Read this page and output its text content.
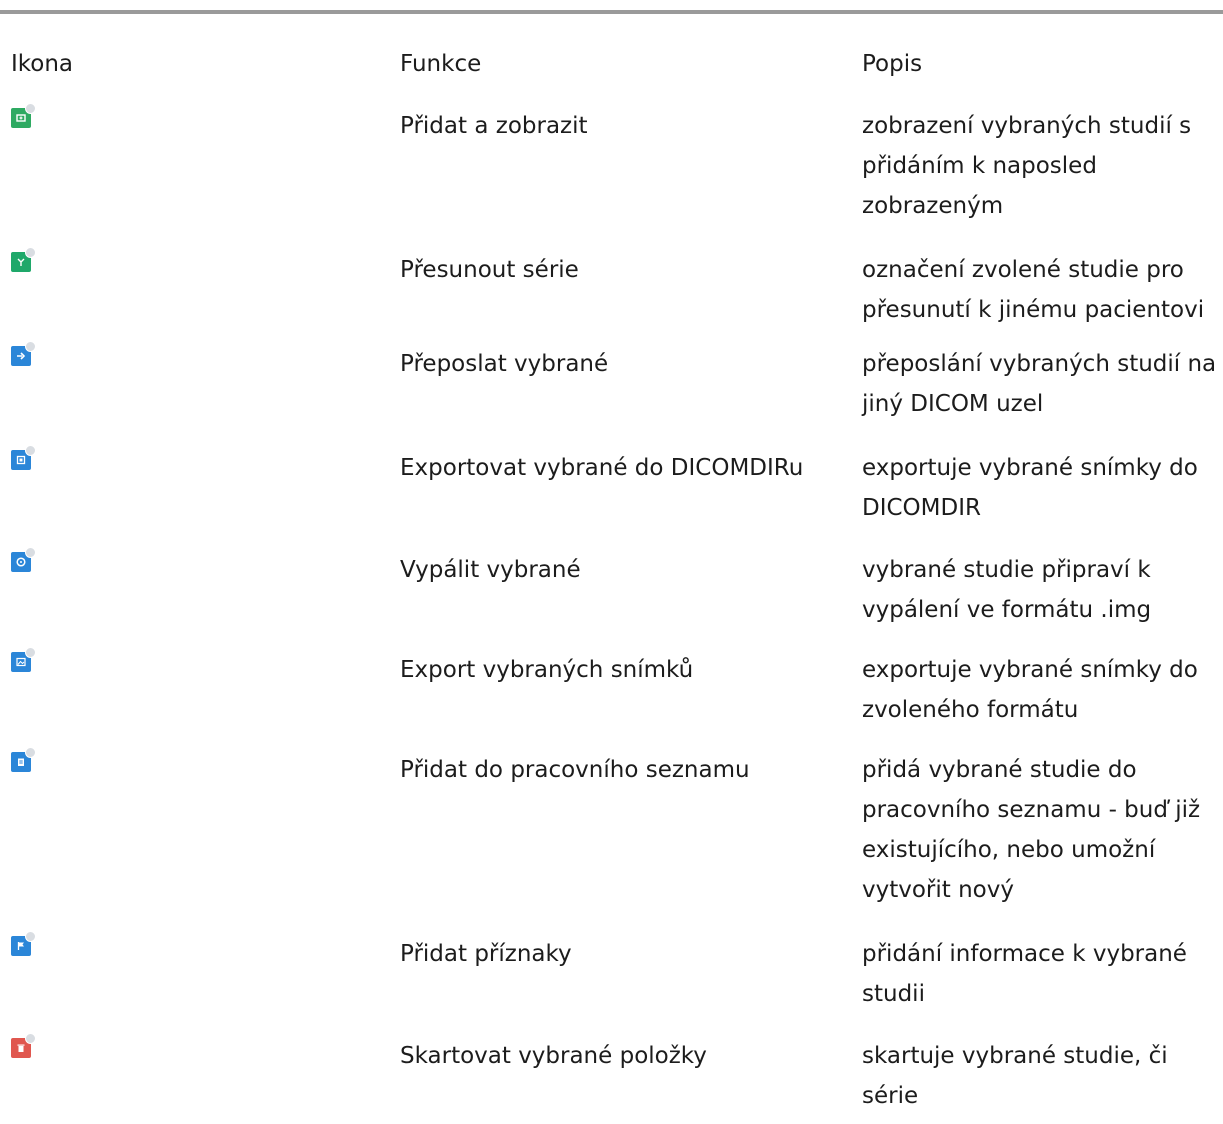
Ikona	Funkce	Popis

Přidat a zobrazit	zobrazení vybraných studií s přidáním k naposled zobrazeným

Přesunout série	označení zvolené studie pro přesunutí k jinému pacientovi

Přeposlat vybrané	přeposlání vybraných studií na jiný DICOM uzel

Exportovat vybrané do DICOMDIRu	exportuje vybrané snímky do DICOMDIR

Vypálit vybrané	vybrané studie připraví k vypálení ve formátu .img

Export vybraných snímků	exportuje vybrané snímky do zvoleného formátu

Přidat do pracovního seznamu	přidá vybrané studie do pracovního seznamu - buď již existujícího, nebo umožní vytvořit nový

Přidat příznaky	přidání informace k vybrané studii

Skartovat vybrané položky	skartuje vybrané studie, či série
